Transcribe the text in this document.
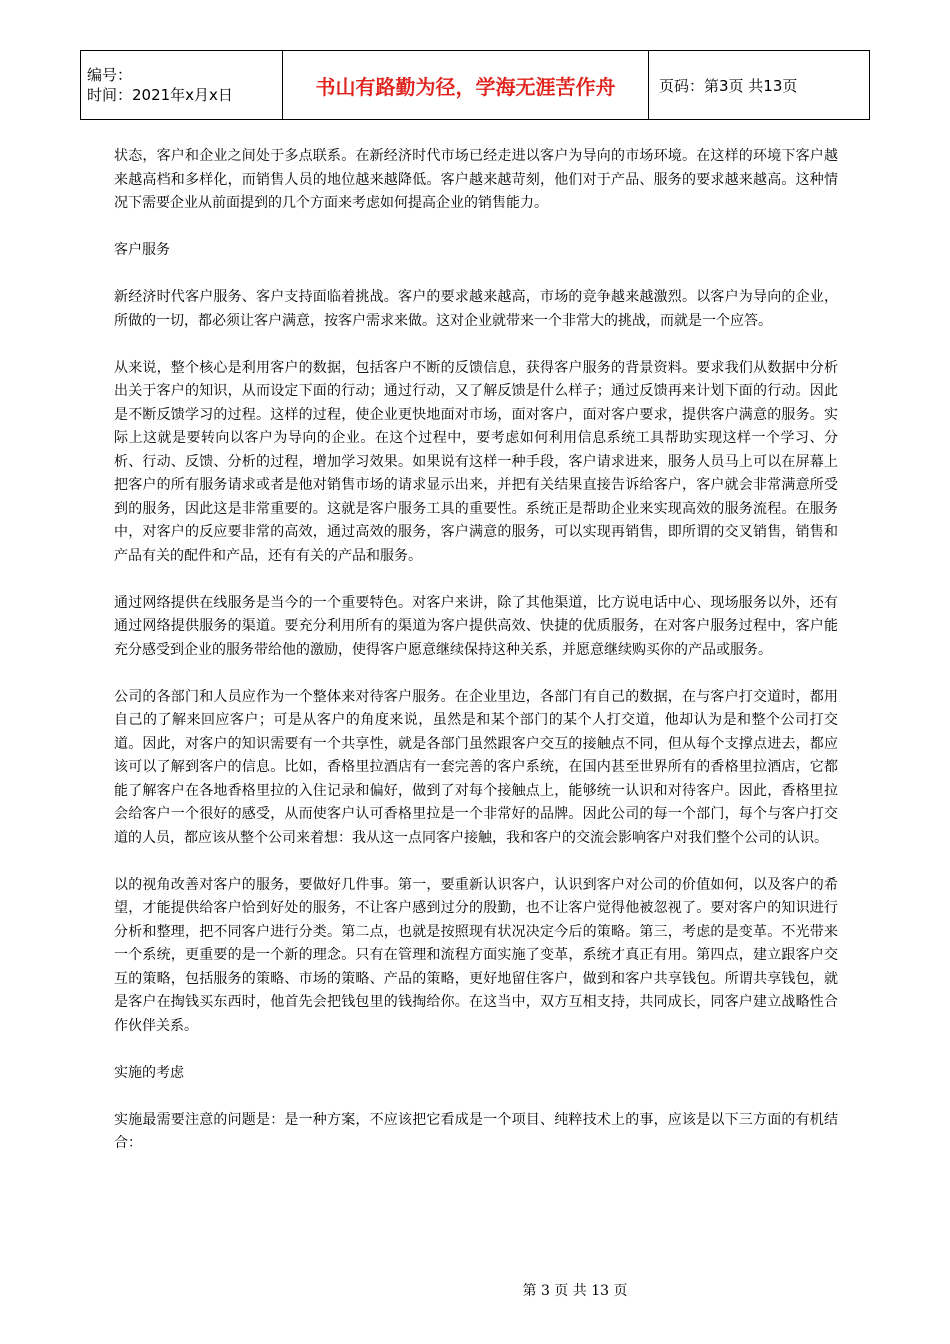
编号：
时间：2021年x月x日	书山有路勤为径，学海无涯苦作舟	页码：第3页 共13页

状态，客户和企业之间处于多点联系。在新经济时代市场已经走进以客户为导向的市场环境。在这样的环境下客户越来越高档和多样化，而销售人员的地位越来越降低。客户越来越苛刻，他们对于产品、服务的要求越来越高。这种情况下需要企业从前面提到的几个方面来考虑如何提高企业的销售能力。

客户服务

新经济时代客户服务、客户支持面临着挑战。客户的要求越来越高，市场的竞争越来越激烈。以客户为导向的企业，所做的一切，都必须让客户满意，按客户需求来做。这对企业就带来一个非常大的挑战，而就是一个应答。

从来说，整个核心是利用客户的数据，包括客户不断的反馈信息，获得客户服务的背景资料。要求我们从数据中分析出关于客户的知识，从而设定下面的行动；通过行动，又了解反馈是什么样子；通过反馈再来计划下面的行动。因此是不断反馈学习的过程。这样的过程，使企业更快地面对市场，面对客户，面对客户要求，提供客户满意的服务。实际上这就是要转向以客户为导向的企业。在这个过程中，要考虑如何利用信息系统工具帮助实现这样一个学习、分析、行动、反馈、分析的过程，增加学习效果。如果说有这样一种手段，客户请求进来，服务人员马上可以在屏幕上把客户的所有服务请求或者是他对销售市场的请求显示出来，并把有关结果直接告诉给客户，客户就会非常满意所受到的服务，因此这是非常重要的。这就是客户服务工具的重要性。系统正是帮助企业来实现高效的服务流程。在服务中，对客户的反应要非常的高效，通过高效的服务，客户满意的服务，可以实现再销售，即所谓的交叉销售，销售和产品有关的配件和产品，还有有关的产品和服务。

通过网络提供在线服务是当今的一个重要特色。对客户来讲，除了其他渠道，比方说电话中心、现场服务以外，还有通过网络提供服务的渠道。要充分利用所有的渠道为客户提供高效、快捷的优质服务，在对客户服务过程中，客户能充分感受到企业的服务带给他的激励，使得客户愿意继续保持这种关系，并愿意继续购买你的产品或服务。

公司的各部门和人员应作为一个整体来对待客户服务。在企业里边，各部门有自己的数据，在与客户打交道时，都用自己的了解来回应客户；可是从客户的角度来说，虽然是和某个部门的某个人打交道，他却认为是和整个公司打交道。因此，对客户的知识需要有一个共享性，就是各部门虽然跟客户交互的接触点不同，但从每个支撑点进去，都应该可以了解到客户的信息。比如，香格里拉酒店有一套完善的客户系统，在国内甚至世界所有的香格里拉酒店，它都能了解客户在各地香格里拉的入住记录和偏好，做到了对每个接触点上，能够统一认识和对待客户。因此，香格里拉会给客户一个很好的感受，从而使客户认可香格里拉是一个非常好的品牌。因此公司的每一个部门，每个与客户打交道的人员，都应该从整个公司来着想：我从这一点同客户接触，我和客户的交流会影响客户对我们整个公司的认识。

以的视角改善对客户的服务，要做好几件事。第一，要重新认识客户，认识到客户对公司的价值如何，以及客户的希望，才能提供给客户恰到好处的服务，不让客户感到过分的殷勤，也不让客户觉得他被忽视了。要对客户的知识进行分析和整理，把不同客户进行分类。第二点，也就是按照现有状况决定今后的策略。第三，考虑的是变革。不光带来一个系统，更重要的是一个新的理念。只有在管理和流程方面实施了变革，系统才真正有用。第四点，建立跟客户交互的策略，包括服务的策略、市场的策略、产品的策略，更好地留住客户，做到和客户共享钱包。所谓共享钱包，就是客户在掏钱买东西时，他首先会把钱包里的钱掏给你。在这当中，双方互相支持，共同成长，同客户建立战略性合作伙伴关系。

实施的考虑

实施最需要注意的问题是：是一种方案，不应该把它看成是一个项目、纯粹技术上的事，应该是以下三方面的有机结合：

第 3 页 共 13 页
